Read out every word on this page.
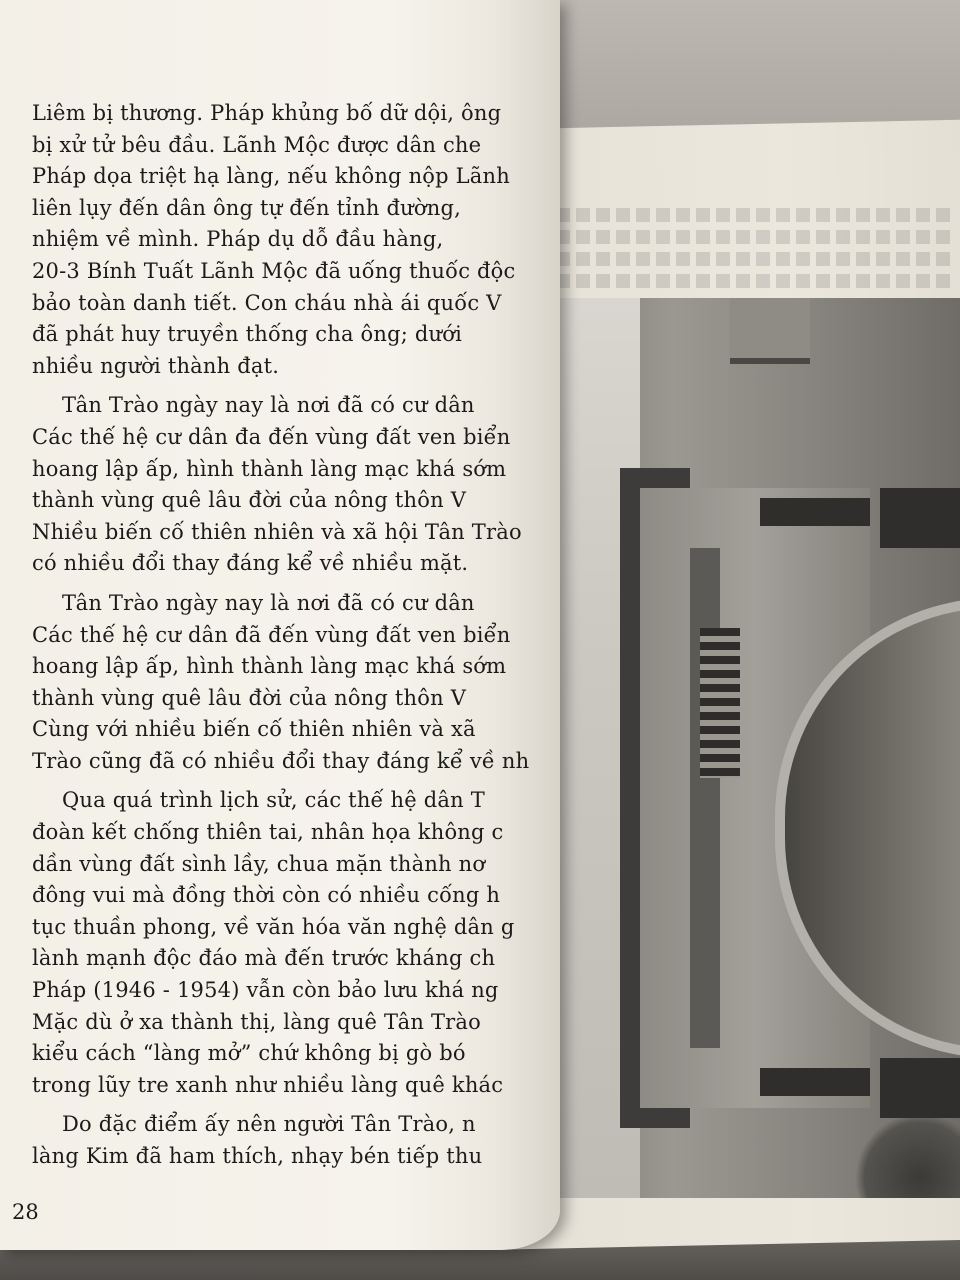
Liêm bị thương. Pháp khủng bố dữ dội, ông

bị xử tử bêu đầu. Lãnh Mộc được dân che

Pháp dọa triệt hạ làng, nếu không nộp Lãnh

liên lụy đến dân ông tự đến tỉnh đường,

nhiệm về mình. Pháp dụ dỗ đầu hàng,

20-3 Bính Tuất Lãnh Mộc đã uống thuốc độc

bảo toàn danh tiết. Con cháu nhà ái quốc V

đã phát huy truyền thống cha ông; dưới

nhiều người thành đạt.

Tân Trào ngày nay là nơi đã có cư dân

Các thế hệ cư dân đa đến vùng đất ven biển

hoang lập ấp, hình thành làng mạc khá sớm

thành vùng quê lâu đời của nông thôn V

Nhiều biến cố thiên nhiên và xã hội Tân Trào

có nhiều đổi thay đáng kể về nhiều mặt.

Tân Trào ngày nay là nơi đã có cư dân

Các thế hệ cư dân đã đến vùng đất ven biển

hoang lập ấp, hình thành làng mạc khá sớm

thành vùng quê lâu đời của nông thôn V

Cùng với nhiều biến cố thiên nhiên và xã

Trào cũng đã có nhiều đổi thay đáng kể về nh

Qua quá trình lịch sử, các thế hệ dân T

đoàn kết chống thiên tai, nhân họa không c

dần vùng đất sình lầy, chua mặn thành nơ

đông vui mà đồng thời còn có nhiều cống h

tục thuần phong, về văn hóa văn nghệ dân g

lành mạnh độc đáo mà đến trước kháng ch

Pháp (1946 - 1954) vẫn còn bảo lưu khá ng

Mặc dù ở xa thành thị, làng quê Tân Trào

kiểu cách “làng mở” chứ không bị gò bó

trong lũy tre xanh như nhiều làng quê khác

Do đặc điểm ấy nên người Tân Trào, n

làng Kim đã ham thích, nhạy bén tiếp thu

28
